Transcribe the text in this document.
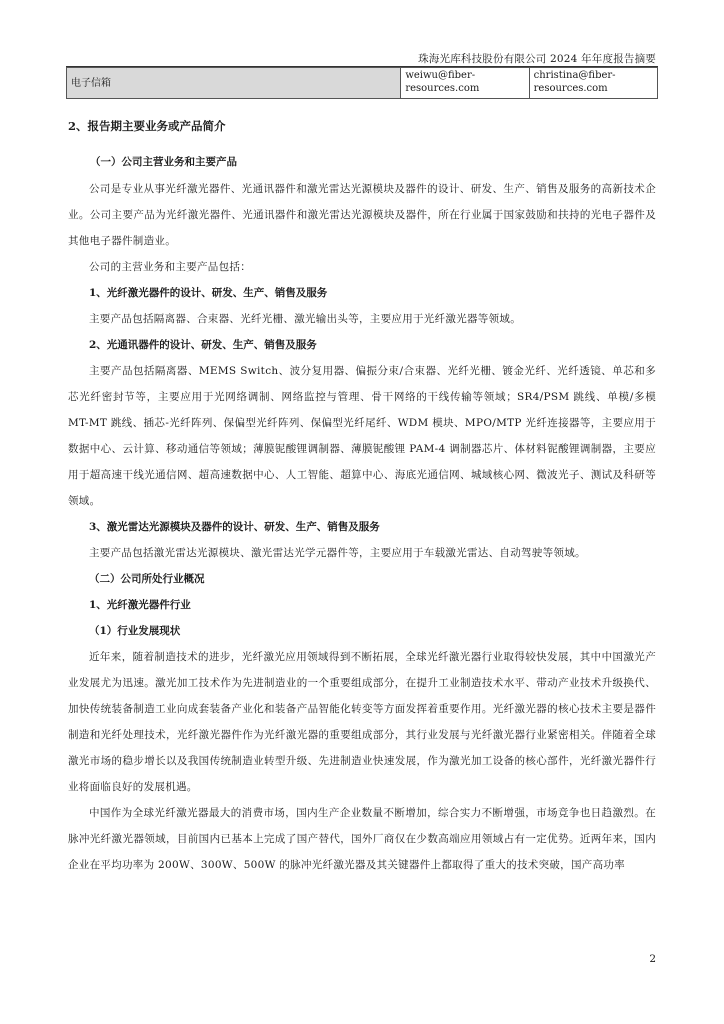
珠海光库科技股份有限公司 2024 年年度报告摘要
电子信箱	weiwu@fiber-resources.com	christina@fiber-resources.com
2、报告期主要业务或产品简介
（一）公司主营业务和主要产品
公司是专业从事光纤激光器件、光通讯器件和激光雷达光源模块及器件的设计、研发、生产、销售及服务的高新技术企业。公司主要产品为光纤激光器件、光通讯器件和激光雷达光源模块及器件，所在行业属于国家鼓励和扶持的光电子器件及其他电子器件制造业。
公司的主营业务和主要产品包括：
1、光纤激光器件的设计、研发、生产、销售及服务
主要产品包括隔离器、合束器、光纤光栅、激光输出头等，主要应用于光纤激光器等领域。
2、光通讯器件的设计、研发、生产、销售及服务
主要产品包括隔离器、MEMS Switch、波分复用器、偏振分束/合束器、光纤光栅、镀金光纤、光纤透镜、单芯和多芯光纤密封节等，主要应用于光网络调制、网络监控与管理、骨干网络的干线传输等领域；SR4/PSM 跳线、单模/多模 MT-MT 跳线、插芯-光纤阵列、保偏型光纤阵列、保偏型光纤尾纤、WDM 模块、MPO/MTP 光纤连接器等，主要应用于数据中心、云计算、移动通信等领域；薄膜铌酸锂调制器、薄膜铌酸锂 PAM-4 调制器芯片、体材料铌酸锂调制器，主要应用于超高速干线光通信网、超高速数据中心、人工智能、超算中心、海底光通信网、城域核心网、微波光子、测试及科研等领域。
3、激光雷达光源模块及器件的设计、研发、生产、销售及服务
主要产品包括激光雷达光源模块、激光雷达光学元器件等，主要应用于车载激光雷达、自动驾驶等领域。
（二）公司所处行业概况
1、光纤激光器件行业
（1）行业发展现状
近年来，随着制造技术的进步，光纤激光应用领域得到不断拓展，全球光纤激光器行业取得较快发展，其中中国激光产业发展尤为迅速。激光加工技术作为先进制造业的一个重要组成部分，在提升工业制造技术水平、带动产业技术升级换代、加快传统装备制造工业向成套装备产业化和装备产品智能化转变等方面发挥着重要作用。光纤激光器的核心技术主要是器件制造和光纤处理技术，光纤激光器件作为光纤激光器的重要组成部分，其行业发展与光纤激光器行业紧密相关。伴随着全球激光市场的稳步增长以及我国传统制造业转型升级、先进制造业快速发展，作为激光加工设备的核心部件，光纤激光器件行业将面临良好的发展机遇。
中国作为全球光纤激光器最大的消费市场，国内生产企业数量不断增加，综合实力不断增强，市场竞争也日趋激烈。在脉冲光纤激光器领域，目前国内已基本上完成了国产替代，国外厂商仅在少数高端应用领域占有一定优势。近两年来，国内企业在平均功率为 200W、300W、500W 的脉冲光纤激光器及其关键器件上都取得了重大的技术突破，国产高功率
2
